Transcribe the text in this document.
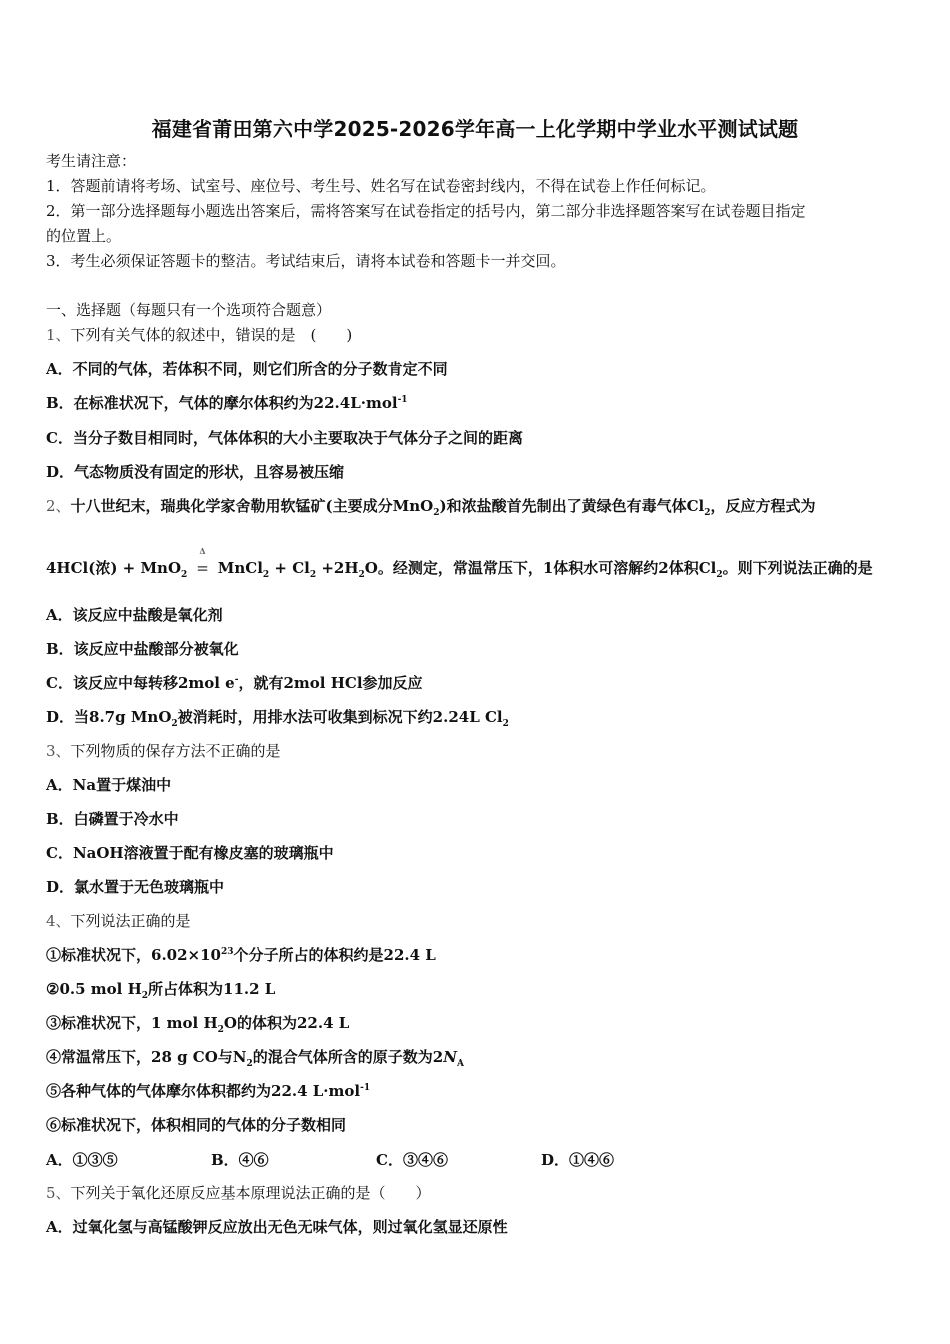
福建省莆田第六中学2025-2026学年高一上化学期中学业水平测试试题
考生请注意：
1．答题前请将考场、试室号、座位号、考生号、姓名写在试卷密封线内，不得在试卷上作任何标记。
2．第一部分选择题每小题选出答案后，需将答案写在试卷指定的括号内，第二部分非选择题答案写在试卷题目指定
的位置上。
3．考生必须保证答题卡的整洁。考试结束后，请将本试卷和答题卡一并交回。
一、选择题（每题只有一个选项符合题意）
1、下列有关气体的叙述中，错误的是　(　　)
A．不同的气体，若体积不同，则它们所含的分子数肯定不同
B．在标准状况下，气体的摩尔体积约为22.4L·mol$^{-1}$
C．当分子数目相同时，气体体积的大小主要取决于气体分子之间的距离
D．气态物质没有固定的形状，且容易被压缩
2、十八世纪末，瑞典化学家舍勒用软锰矿(主要成分MnO$_2$)和浓盐酸首先制出了黄绿色有毒气体$Cl_2$，反应方程式为
4HCl(浓) + MnO$_2$
Δ
= MnCl$_2$ + $Cl_2 +2H_2O$。经测定，常温常压下，1体积水可溶解约2体积$Cl_2$。则下列说法正确的是
A．该反应中盐酸是氧化剂
B．该反应中盐酸部分被氧化
C．该反应中每转移2mol e-，就有2mol HCl参加反应
D．当8.7g MnO$_2$被消耗时，用排水法可收集到标况下约2.24L $Cl_2$
3、下列物质的保存方法不正确的是
A．Na置于煤油中
B．白磷置于冷水中
C．NaOH溶液置于配有橡皮塞的玻璃瓶中
D．氯水置于无色玻璃瓶中
4、下列说法正确的是
①标准状况下，$6.02\times 10^{23}$个分子所占的体积约是22.4 L
②0.5 mol $H_2$所占体积为11.2 L
③标准状况下，1 mol $H_2O$的体积为22.4 L
④常温常压下，28 g CO与$N_2$的混合气体所含的原子数为$2N_A$
⑤各种气体的气体摩尔体积都约为22.4 L·mol$^{-1}$
⑥标准状况下，体积相同的气体的分子数相同
A．①③⑤	B．④⑥	C．③④⑥	D．①④⑥
5、下列关于氧化还原反应基本原理说法正确的是（　　）
A．过氧化氢与高锰酸钾反应放出无色无味气体，则过氧化氢显还原性
